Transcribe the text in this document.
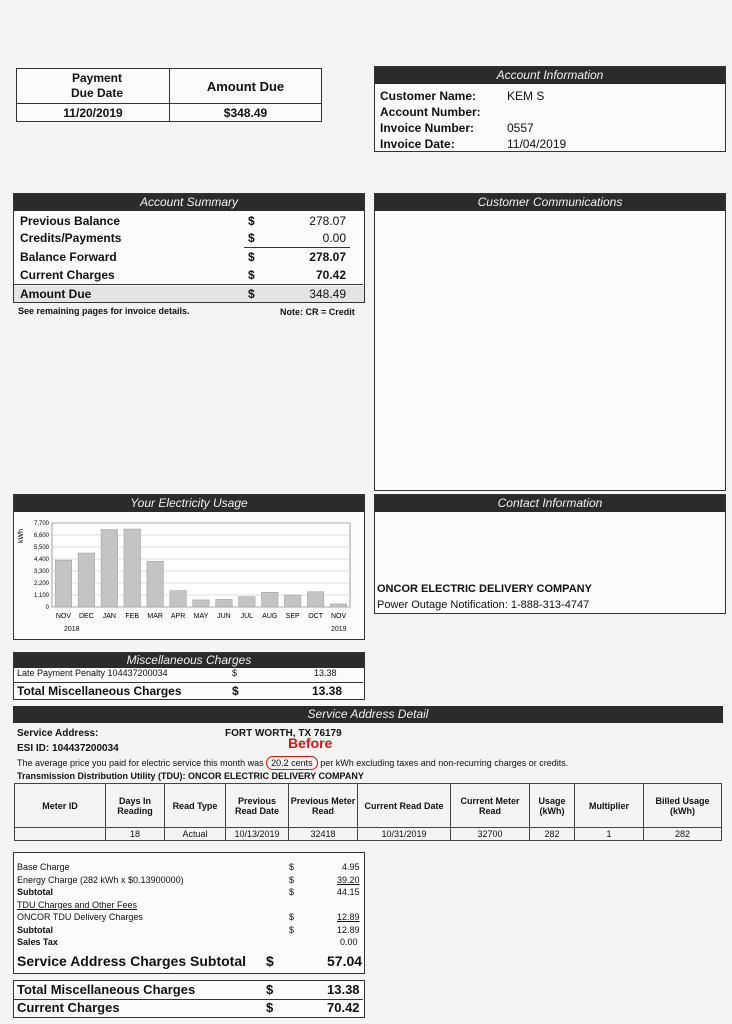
Payment Due Date	Amount Due
11/20/2019	$348.49
Account Information
Customer Name:	KEM S
Account Number:
Invoice Number:	0557
Invoice Date:	11/04/2019
Account Summary
Previous Balance	$	278.07
Credits/Payments	$	0.00
Balance Forward	$	278.07
Current Charges	$	70.42
Amount Due	$	348.49
See remaining pages for invoice details.	Note: CR = Credit
Customer Communications
Your Electricity Usage
kWh
7,700
6,600
5,500
4,400
3,300
2,200
1,100
0
NOV DEC JAN FEB MAR APR MAY JUN JUL AUG SEP OCT NOV
2018	2019
Contact Information
ONCOR ELECTRIC DELIVERY COMPANY
Power Outage Notification: 1-888-313-4747
Miscellaneous Charges
Late Payment Penalty 104437200034	$	13.38
Total Miscellaneous Charges	$	13.38
Service Address Detail
Service Address:	FORT WORTH, TX 76179
ESI ID: 104437200034	Before
The average price you paid for electric service this month was 20.2 cents per kWh excluding taxes and non-recurring charges or credits.
Transmission Distribution Utility (TDU): ONCOR ELECTRIC DELIVERY COMPANY
Meter ID	Days In Reading	Read Type	Previous Read Date	Previous Meter Read	Current Read Date	Current Meter Read	Usage (kWh)	Multiplier	Billed Usage (kWh)
	18	Actual	10/13/2019	32418	10/31/2019	32700	282	1	282
Base Charge	$	4.95
Energy Charge (282 kWh x $0.13900000)	$	39.20
Subtotal	$	44.15
TDU Charges and Other Fees
ONCOR TDU Delivery Charges	$	12.89
Subtotal	$	12.89
Sales Tax	0.00
Service Address Charges Subtotal $	57.04
Total Miscellaneous Charges	$	13.38
Current Charges	$	70.42
